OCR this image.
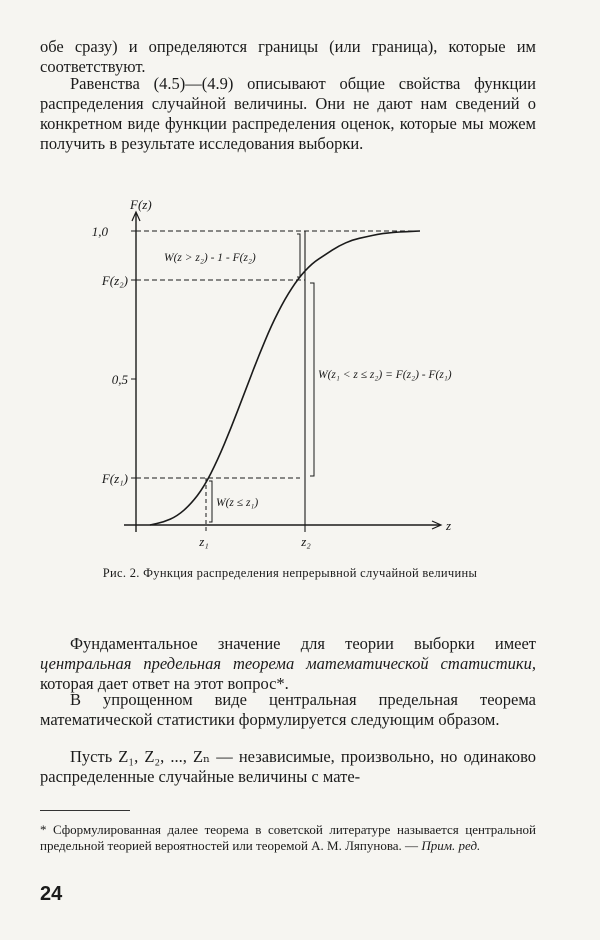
обе сразу) и определяются границы (или граница), которые им соответствуют.

Равенства (4.5)—(4.9) описывают общие свойства функции распределения случайной величины. Они не дают нам сведений о конкретном виде функции распределения оценок, которые мы можем получить в результате исследования выборки.

F(z)
z
1,0
F(z₂)
0,5
F(z₁)
z₁	z₂
W(z > z₂) - 1 - F(z₂)
W(z₁ < z ≤ z₂) = F(z₂) - F(z₁)
W(z ≤ z₁)
Рис. 2. Функция распределения непрерывной случайной величины

Фундаментальное значение для теории выборки имеет центральная предельная теорема математической статистики, которая дает ответ на этот вопрос*.

В упрощенном виде центральная предельная теорема математической статистики формулируется следующим образом.

Пусть Z₁, Z₂, ..., Zₙ — независимые, произвольно, но одинаково распределенные случайные величины с мате-

* Сформулированная далее теорема в советской литературе называется центральной предельной теорией вероятностей или теоремой А. М. Ляпунова. — Прим. ред.

24
